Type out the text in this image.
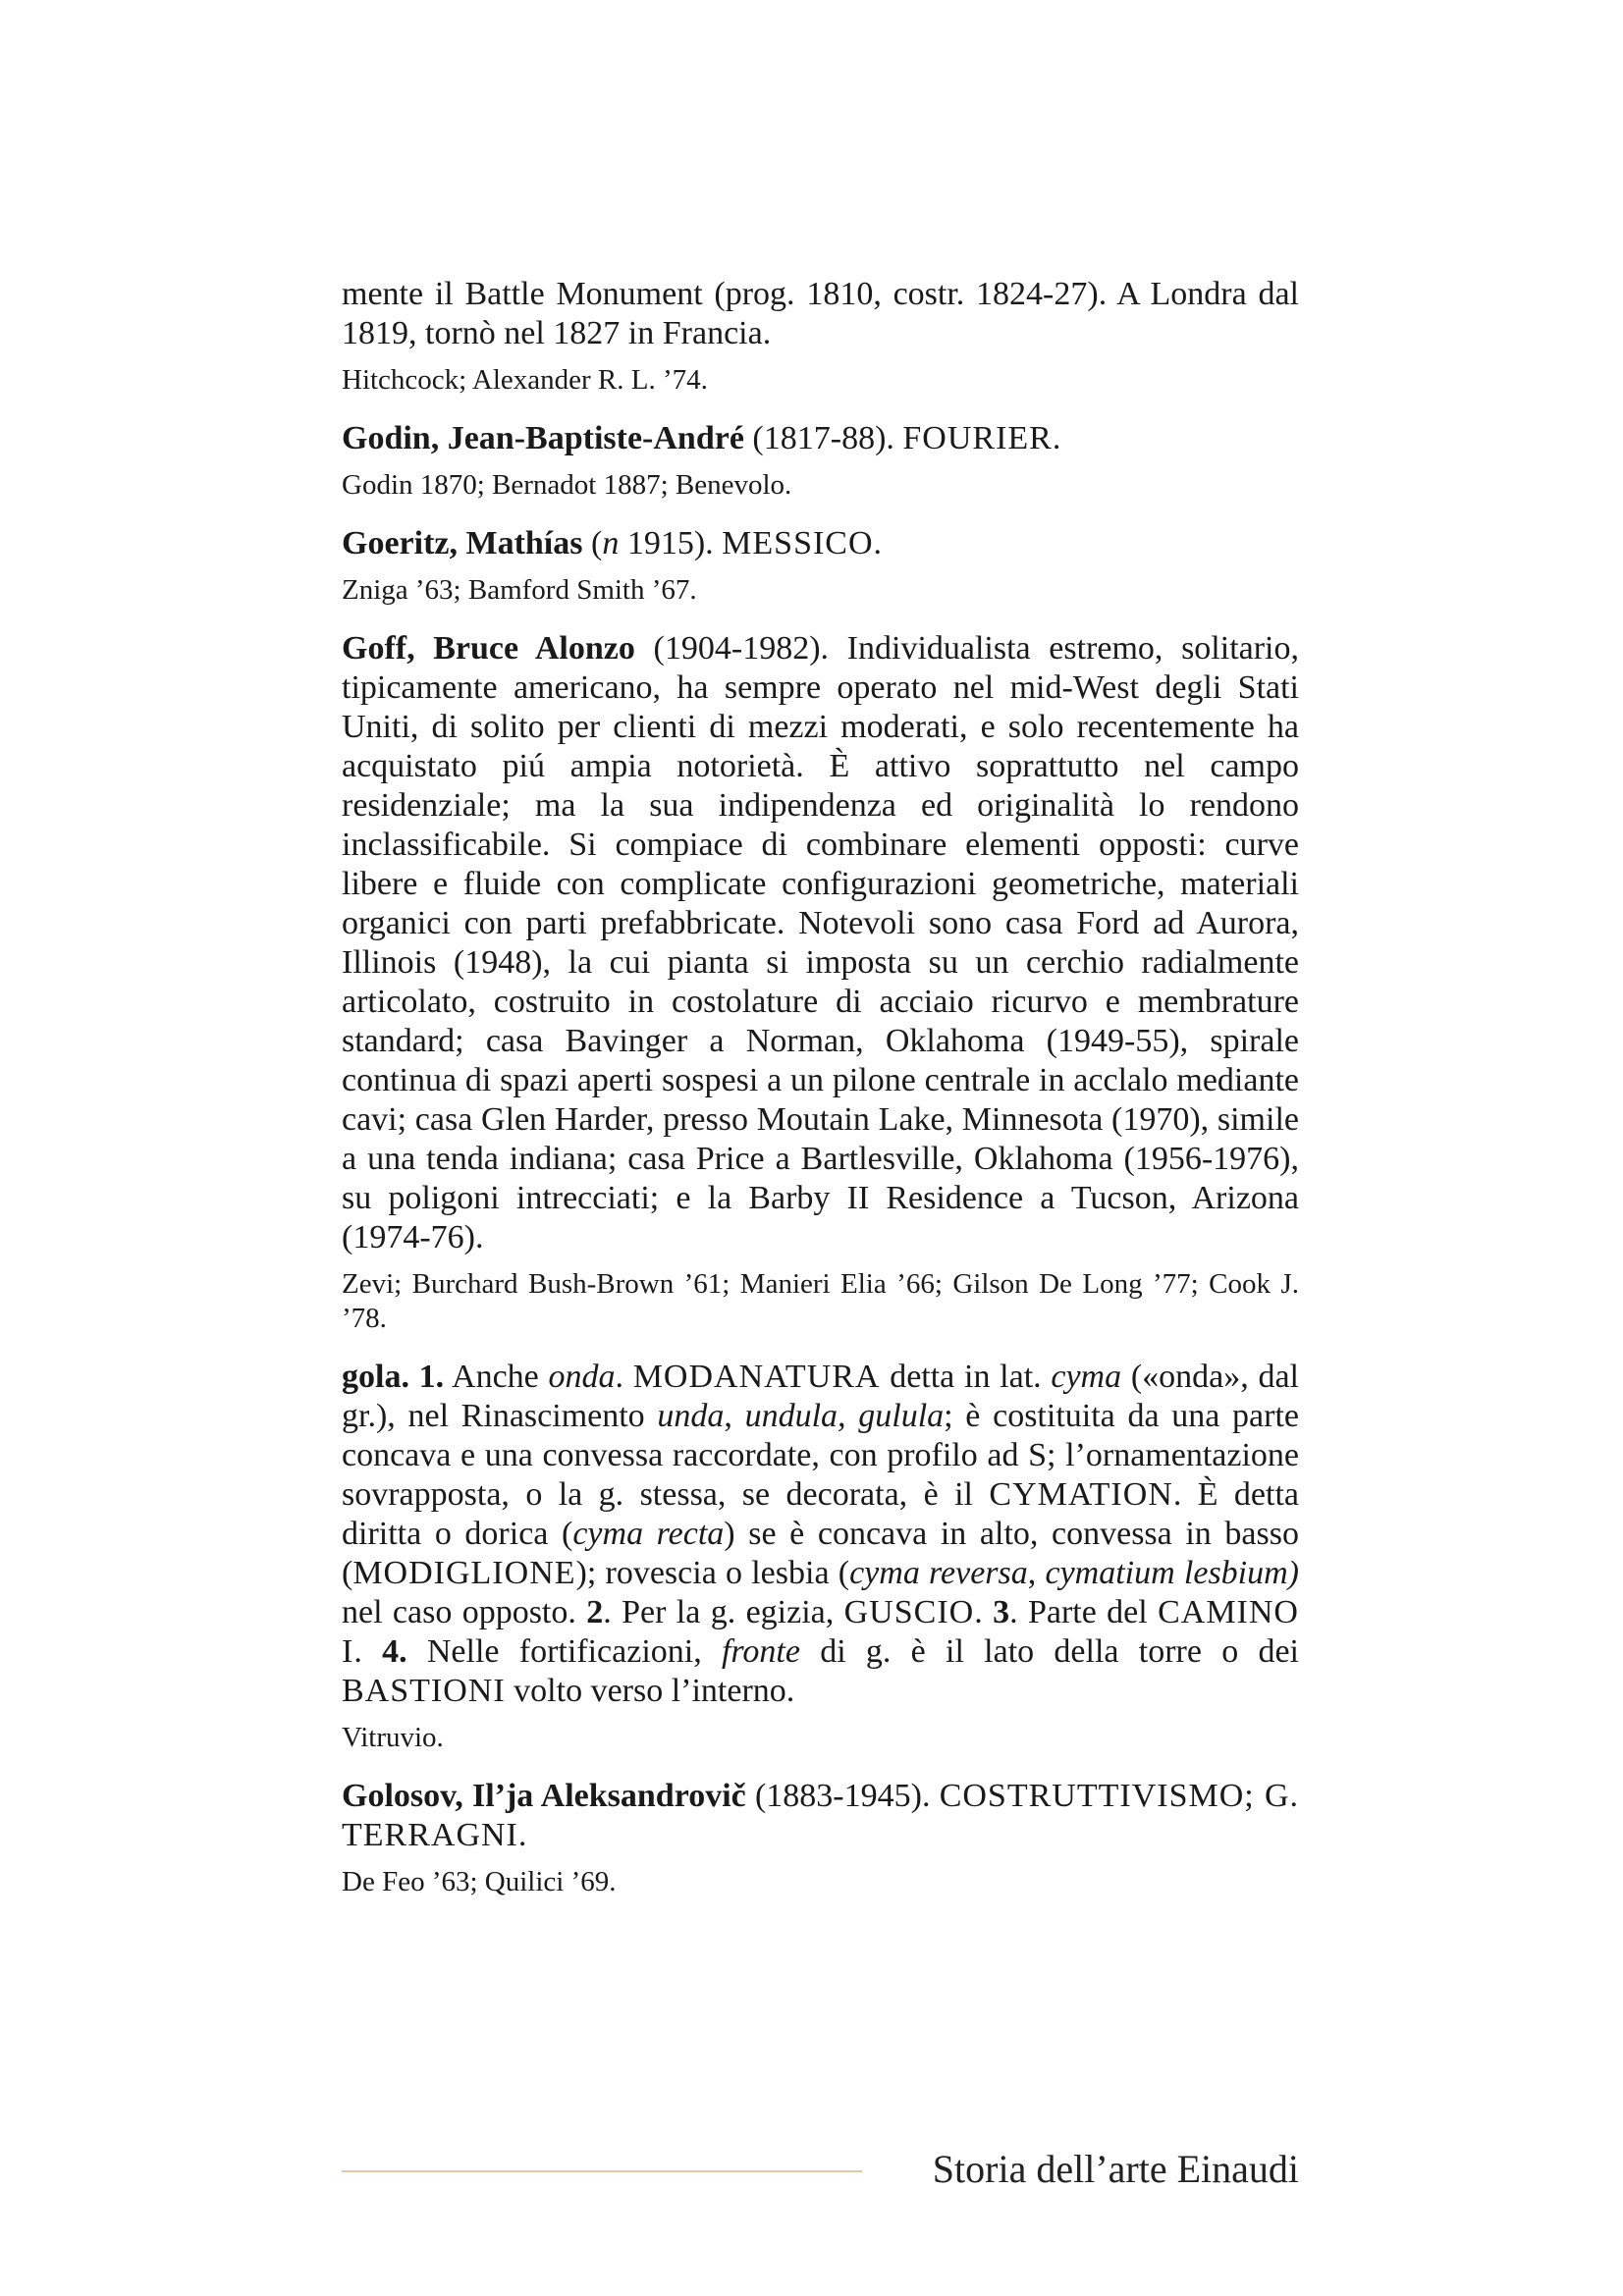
mente il Battle Monument (prog. 1810, costr. 1824-27). A Londra dal 1819, tornò nel 1827 in Francia.

Hitchcock; Alexander R. L. ’74.

Godin, Jean-Baptiste-André (1817-88). FOURIER.

Godin 1870; Bernadot 1887; Benevolo.

Goeritz, Mathías (n 1915). MESSICO.

Zniga ’63; Bamford Smith ’67.

Goff, Bruce Alonzo (1904-1982). Individualista estremo, solitario, tipicamente americano, ha sempre operato nel mid-West degli Stati Uniti, di solito per clienti di mezzi moderati, e solo recentemente ha acquistato piú ampia notorietà. È attivo soprattutto nel campo residenziale; ma la sua indipendenza ed originalità lo rendono inclassificabile. Si compiace di combinare elementi opposti: curve libere e fluide con complicate configurazioni geometriche, materiali organici con parti prefabbricate. Notevoli sono casa Ford ad Aurora, Illinois (1948), la cui pianta si imposta su un cerchio radialmente articolato, costruito in costolature di acciaio ricurvo e membrature standard; casa Bavinger a Norman, Oklahoma (1949-55), spirale continua di spazi aperti sospesi a un pilone centrale in acclalo mediante cavi; casa Glen Harder, presso Moutain Lake, Minnesota (1970), simile a una tenda indiana; casa Price a Bartlesville, Oklahoma (1956-1976), su poligoni intrecciati; e la Barby II Residence a Tucson, Arizona (1974-76).

Zevi; Burchard Bush-Brown ’61; Manieri Elia ’66; Gilson De Long ’77; Cook J. ’78.

gola. 1. Anche onda. MODANATURA detta in lat. cyma («onda», dal gr.), nel Rinascimento unda, undula, gulula; è costituita da una parte concava e una convessa raccordate, con profilo ad S; l’ornamentazione sovrapposta, o la g. stessa, se decorata, è il CYMATION. È detta diritta o dorica (cyma recta) se è concava in alto, convessa in basso (MODIGLIONE); rovescia o lesbia (cyma reversa, cymatium lesbium) nel caso opposto. 2. Per la g. egizia, GUSCIO. 3. Parte del CAMINO I. 4. Nelle fortificazioni, fronte di g. è il lato della torre o dei BASTIONI volto verso l’interno.

Vitruvio.

Golosov, Il’ja Aleksandrovič (1883-1945). COSTRUTTIVISMO; G. TERRAGNI.

De Feo ’63; Quilici ’69.

Storia dell’arte Einaudi
